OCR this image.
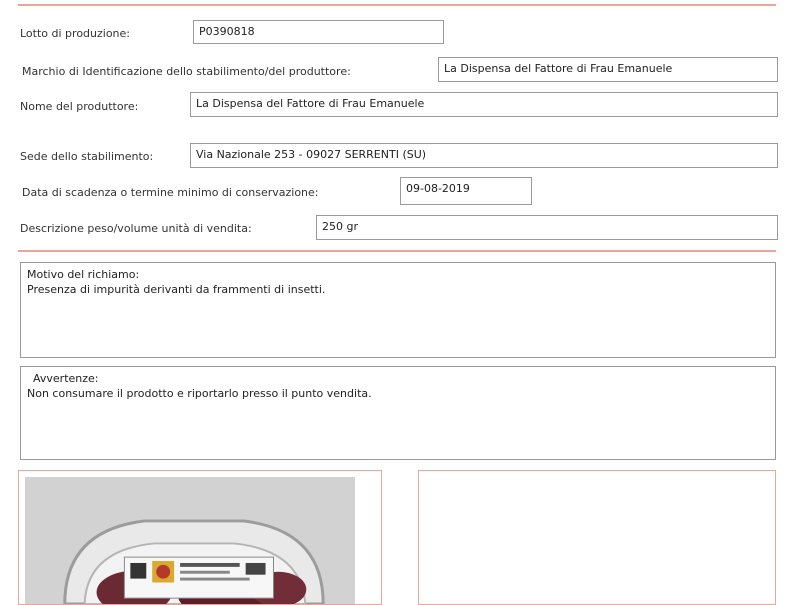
Lotto di produzione:	P0390818
Marchio di Identificazione dello stabilimento/del produttore:	La Dispensa del Fattore di Frau Emanuele
Nome del produttore:	La Dispensa del Fattore di Frau Emanuele
Sede dello stabilimento:	Via Nazionale 253 - 09027 SERRENTI (SU)
Data di scadenza o termine minimo di conservazione:	09-08-2019
Descrizione peso/volume unità di vendita:	250 gr
Motivo del richiamo:
Presenza di impurità derivanti da frammenti di insetti.
Avvertenze:
Non consumare il prodotto e riportarlo presso il punto vendita.
